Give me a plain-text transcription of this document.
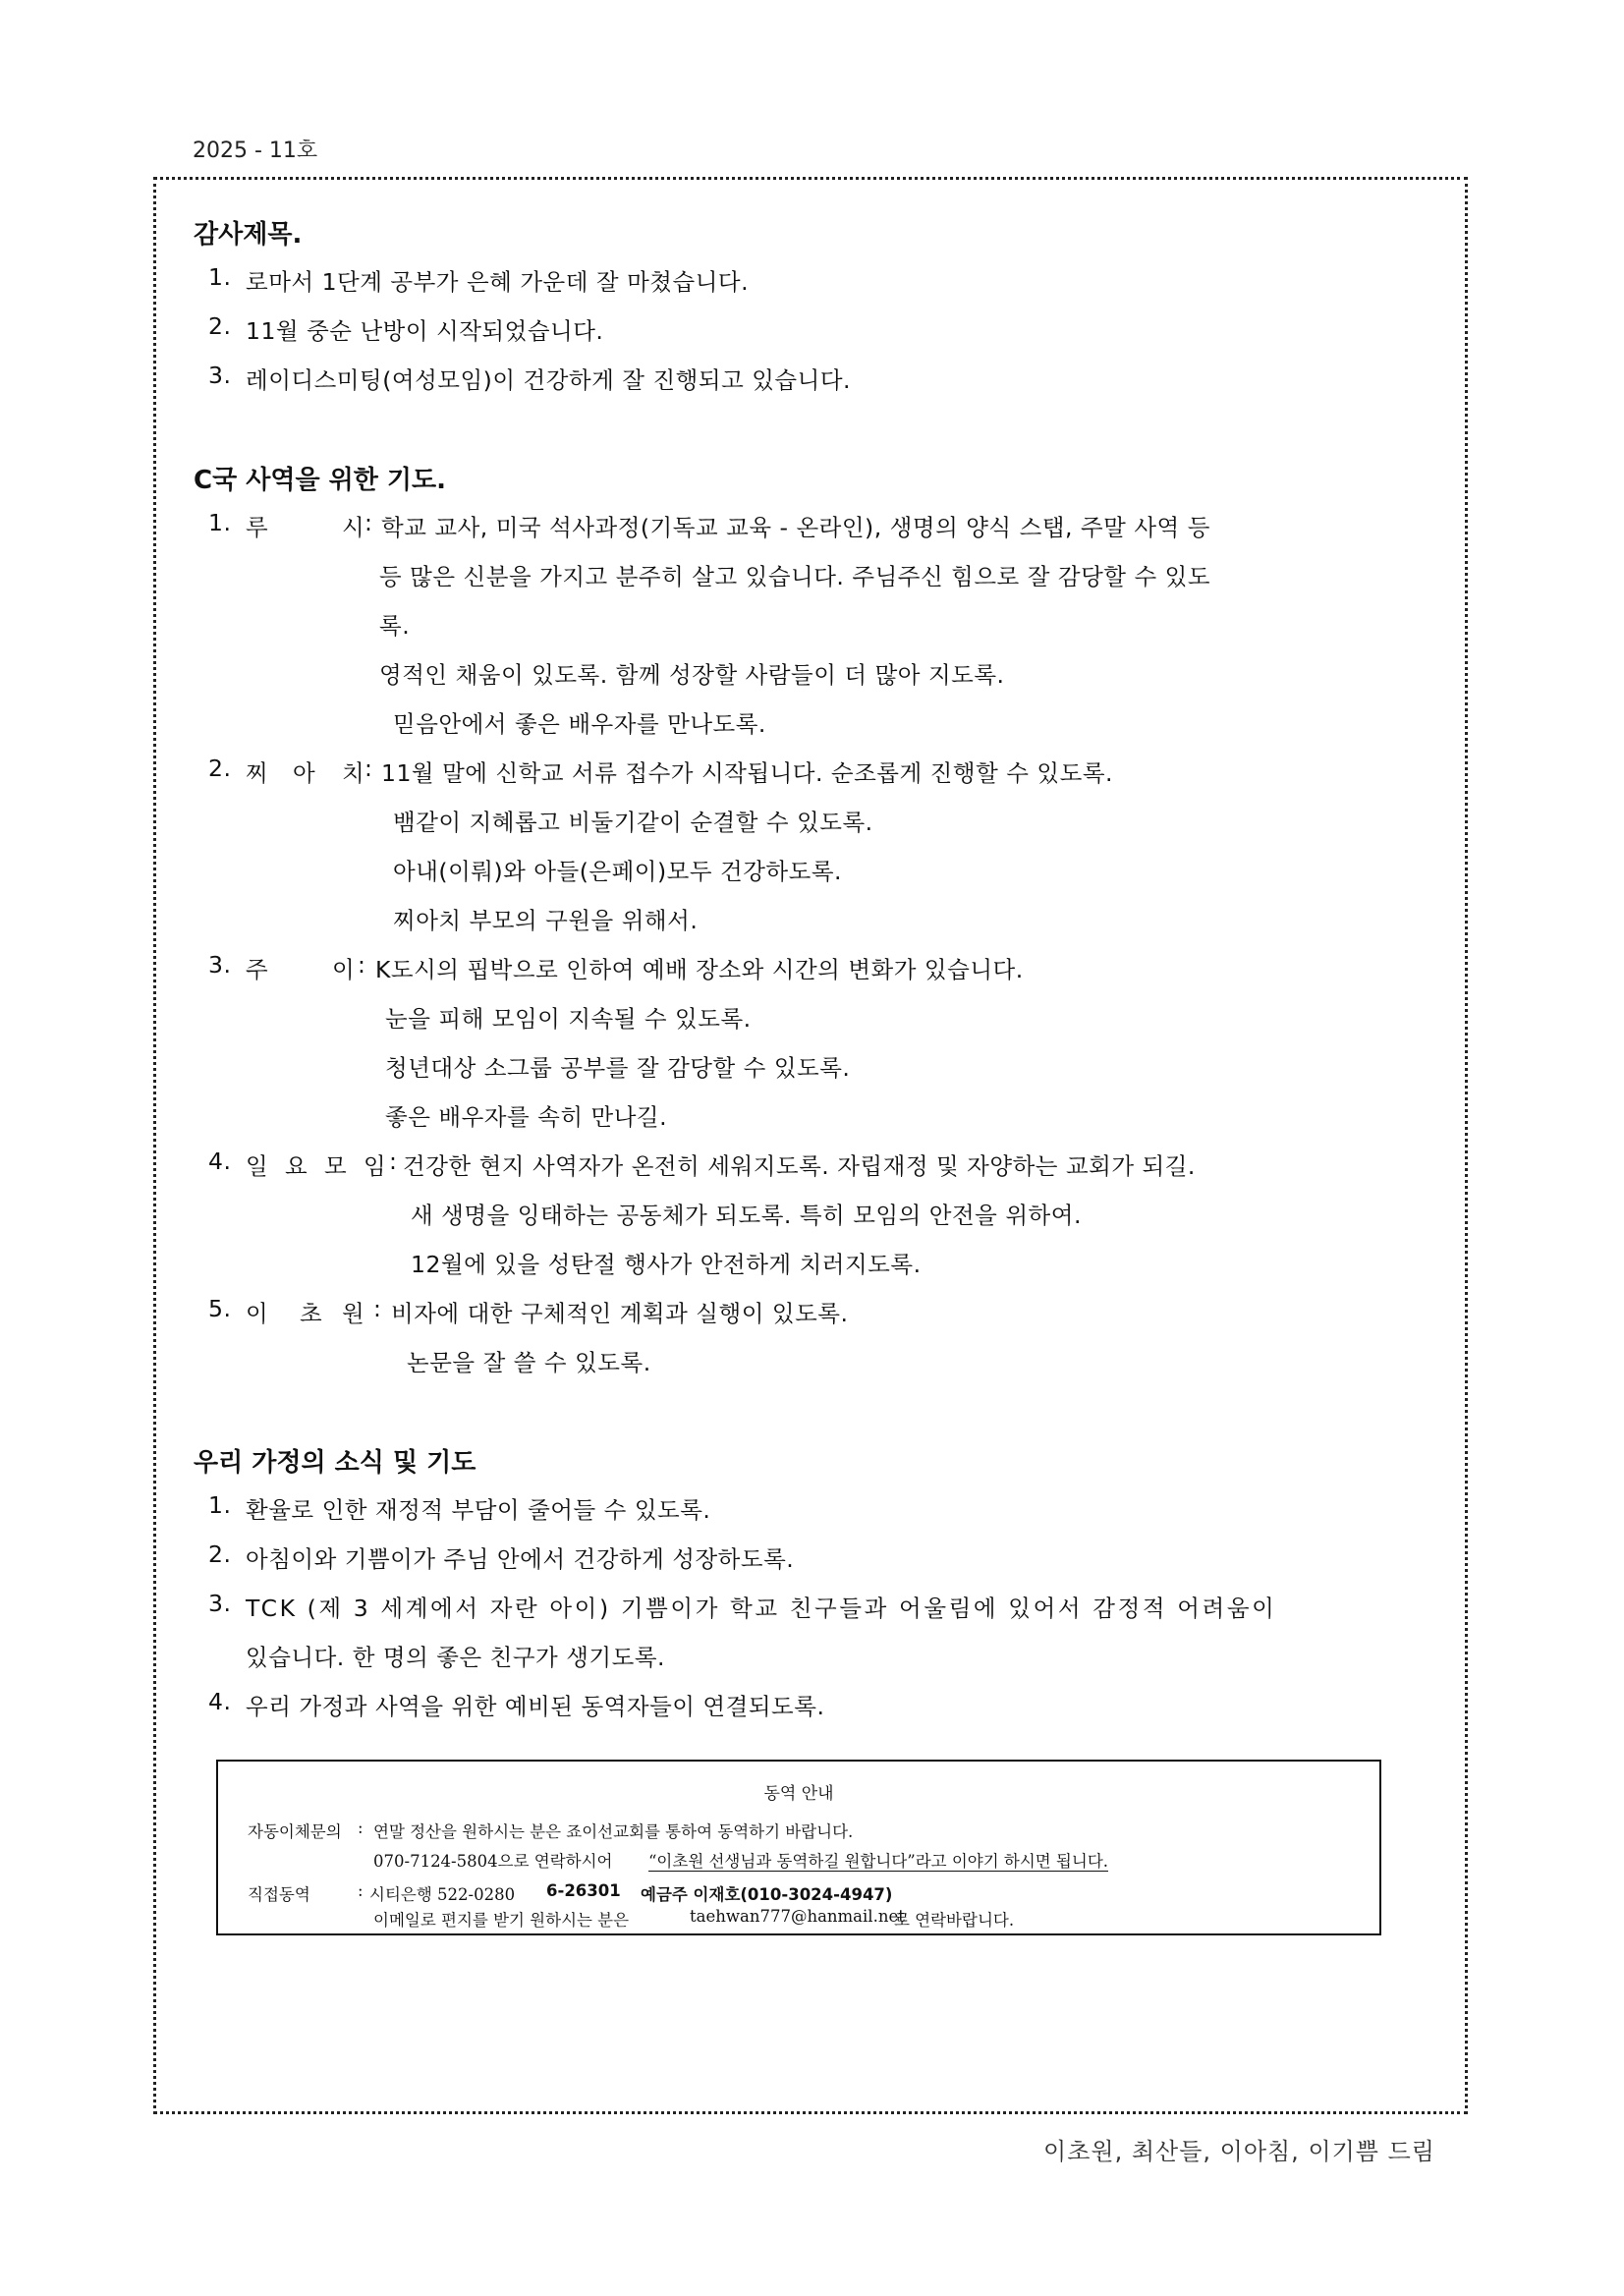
2025 - 11호
감사제목.
1. 로마서 1단계 공부가 은혜 가운데 잘 마쳤습니다.
2. 11월 중순 난방이 시작되었습니다.
3. 레이디스미팅(여성모임)이 건강하게 잘 진행되고 있습니다.
C국 사역을 위한 기도.
1. 루	시 : 학교 교사, 미국 석사과정(기독교 교육 - 온라인), 생명의 양식 스탭, 주말 사역 등
등 많은 신분을 가지고 분주히 살고 있습니다. 주님주신 힘으로 잘 감당할 수 있도
록.
영적인 채움이 있도록. 함께 성장할 사람들이 더 많아 지도록.
믿음안에서 좋은 배우자를 만나도록.
2. 찌 아 치 : 11월 말에 신학교 서류 접수가 시작됩니다. 순조롭게 진행할 수 있도록.
뱀같이 지혜롭고 비둘기같이 순결할 수 있도록.
아내(이뤄)와 아들(은페이)모두 건강하도록.
찌아치 부모의 구원을 위해서.
3. 주	이 : K도시의 핍박으로 인하여 예배 장소와 시간의 변화가 있습니다.
눈을 피해 모임이 지속될 수 있도록.
청년대상 소그룹 공부를 잘 감당할 수 있도록.
좋은 배우자를 속히 만나길.
4. 일 요 모 임 : 건강한 현지 사역자가 온전히 세워지도록. 자립재정 및 자양하는 교회가 되길.
새 생명을 잉태하는 공동체가 되도록. 특히 모임의 안전을 위하여.
12월에 있을 성탄절 행사가 안전하게 치러지도록.
5. 이 초 원 : 비자에 대한 구체적인 계획과 실행이 있도록.
논문을 잘 쓸 수 있도록.
우리 가정의 소식 및 기도
1. 환율로 인한 재정적 부담이 줄어들 수 있도록.
2. 아침이와 기쁨이가 주님 안에서 건강하게 성장하도록.
3. TCK (제 3 세계에서 자란 아이) 기쁨이가 학교 친구들과 어울림에 있어서 감정적 어려움이
있습니다. 한 명의 좋은 친구가 생기도록.
4. 우리 가정과 사역을 위한 예비된 동역자들이 연결되도록.
동역 안내
자동이체문의 : 연말 정산을 원하시는 분은 죠이선교회를 통하여 동역하기 바랍니다.
070-7124-5804으로 연락하시어 “이초원 선생님과 동역하길 원합니다”라고 이야기 하시면 됩니다.
직접동역	: 시티은행 522-0280 6-26301 예금주 이재호(010-3024-4947)
이메일로 편지를 받기 원하시는 분은	taehwan777@hanmail.net
로 연락바랍니다.
이초원, 최산들, 이아침, 이기쁨 드림
